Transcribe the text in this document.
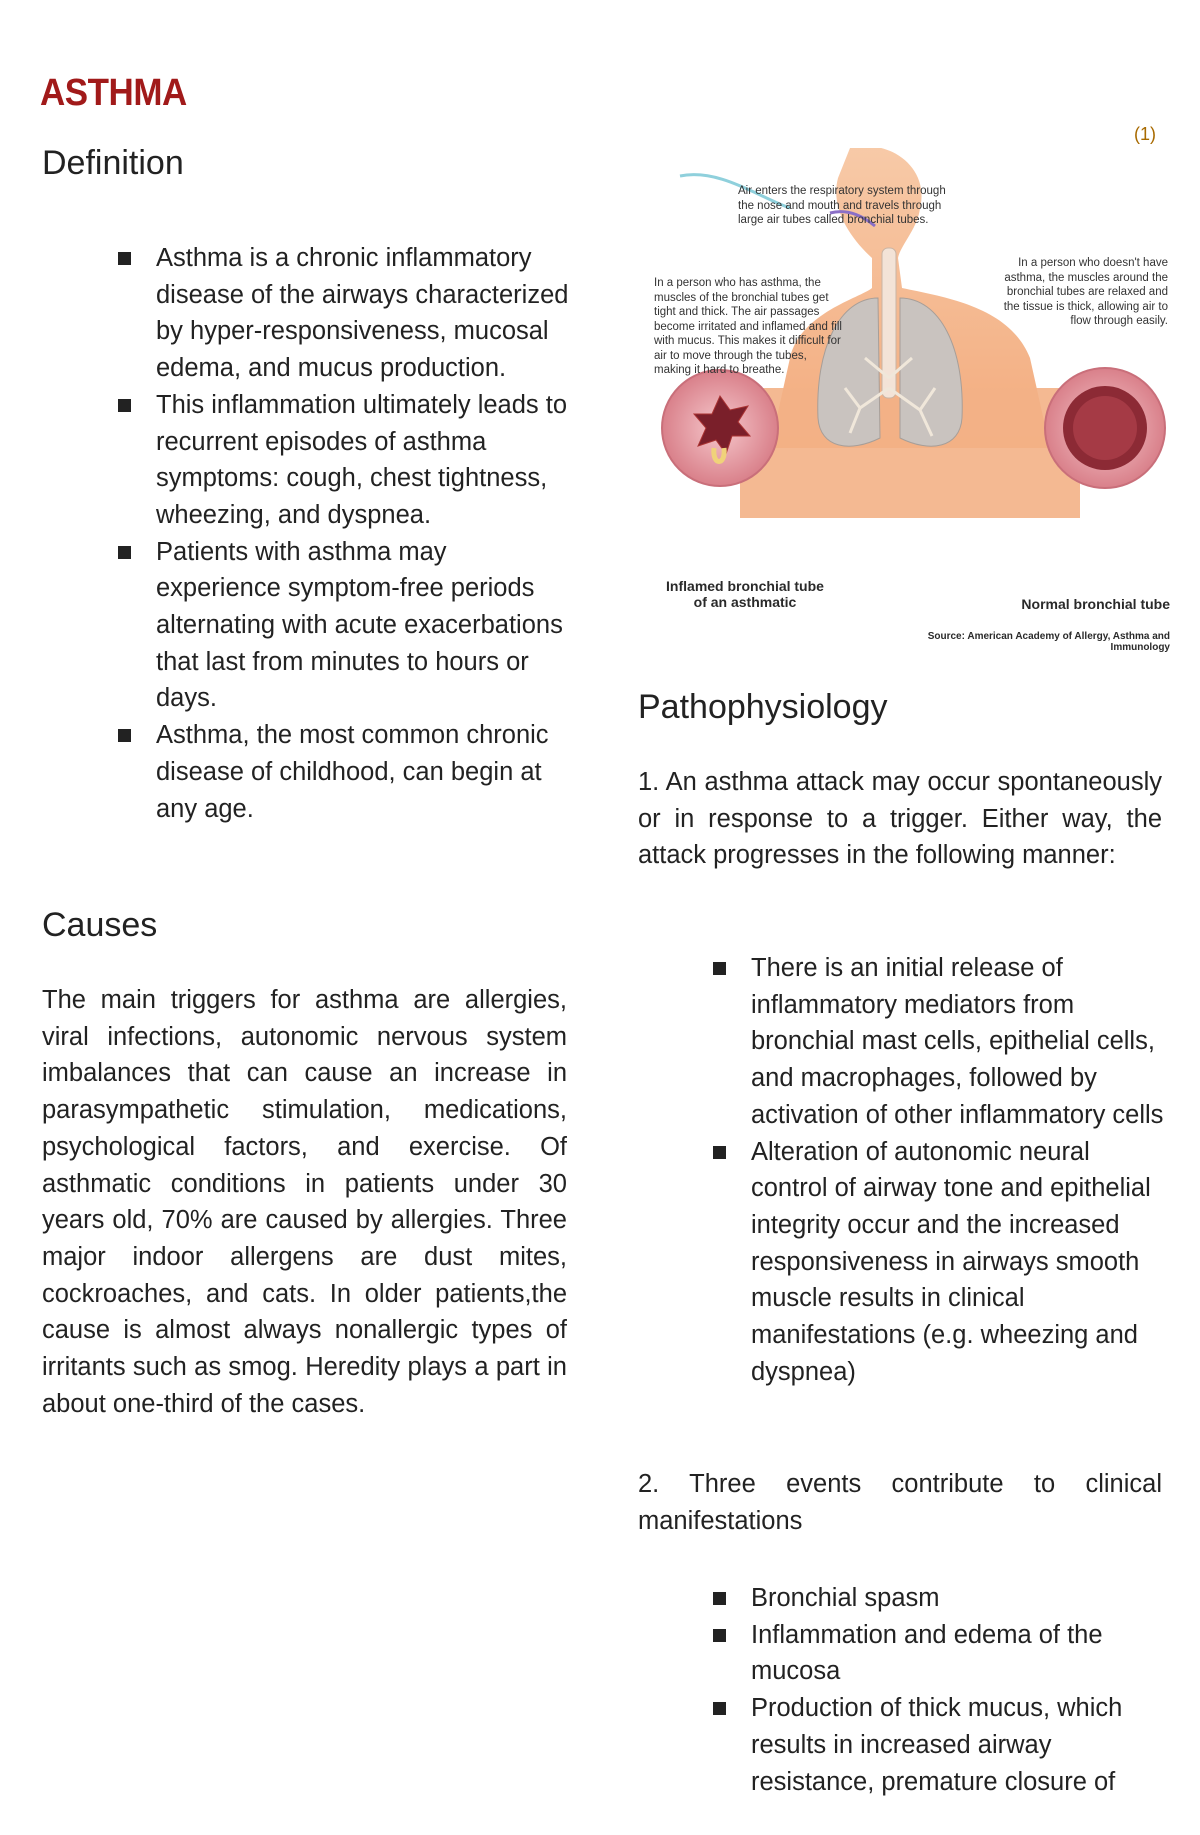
ASTHMA
(1)
Definition
Asthma is a chronic inflammatory disease of the airways characterized by hyper-responsiveness, mucosal edema, and mucus production.
This inflammation ultimately leads to recurrent episodes of asthma symptoms: cough, chest tightness, wheezing, and dyspnea.
Patients with asthma may experience symptom-free periods alternating with acute exacerbations that last from minutes to hours or days.
Asthma, the most common chronic disease of childhood, can begin at any age.
Causes

The main triggers for asthma are allergies, viral infections, autonomic nervous system imbalances that can cause an increase in parasympathetic stimulation, medications, psychological factors, and exercise. Of asthmatic conditions in patients under 30 years old, 70% are caused by allergies. Three major indoor allergens are dust mites, cockroaches, and cats. In older patients,the cause is almost always nonallergic types of irritants such as smog. Heredity plays a part in about one-third of the cases.

Air enters the respiratory system through the nose and mouth and travels through large air tubes called bronchial tubes.
In a person who has asthma, the muscles of the bronchial tubes get tight and thick. The air passages become irritated and inflamed and fill with mucus. This makes it difficult for air to move through the tubes, making it hard to breathe.
In a person who doesn't have asthma, the muscles around the bronchial tubes are relaxed and the tissue is thick, allowing air to flow through easily.
Inflamed bronchial tube of an asthmatic	Normal bronchial tube
Source: American Academy of Allergy, Asthma and Immunology
Pathophysiology

1. An asthma attack may occur spontaneously or in response to a trigger. Either way, the attack progresses in the following manner:

There is an initial release of inflammatory mediators from bronchial mast cells, epithelial cells, and macrophages, followed by activation of other inflammatory cells
Alteration of autonomic neural control of airway tone and epithelial integrity occur and the increased responsiveness in airways smooth muscle results in clinical manifestations (e.g. wheezing and dyspnea)

2. Three events contribute to clinical manifestations

Bronchial spasm
Inflammation and edema of the mucosa
Production of thick mucus, which results in increased airway resistance, premature closure of
